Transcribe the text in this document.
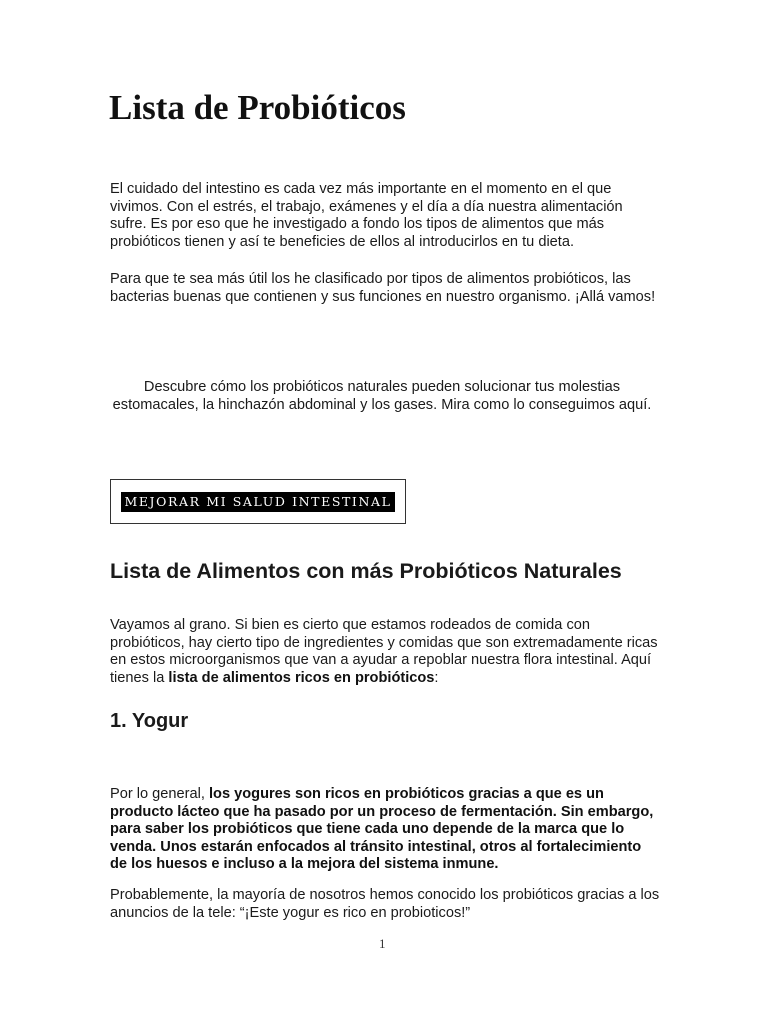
Lista de Probióticos

El cuidado del intestino es cada vez más importante en el momento en el que vivimos. Con el estrés, el trabajo, exámenes y el día a día nuestra alimentación sufre. Es por eso que he investigado a fondo los tipos de alimentos que más probióticos tienen y así te beneficies de ellos al introducirlos en tu dieta.

Para que te sea más útil los he clasificado por tipos de alimentos probióticos, las bacterias buenas que contienen y sus funciones en nuestro organismo. ¡Allá vamos!

Descubre cómo los probióticos naturales pueden solucionar tus molestias estomacales, la hinchazón abdominal y los gases. Mira como lo conseguimos aquí.

MEJORAR MI SALUD INTESTINAL
Lista de Alimentos con más Probióticos Naturales

Vayamos al grano. Si bien es cierto que estamos rodeados de comida con probióticos, hay cierto tipo de ingredientes y comidas que son extremadamente ricas en estos microorganismos que van a ayudar a repoblar nuestra flora intestinal. Aquí tienes la lista de alimentos ricos en probióticos:

1. Yogur

Por lo general, los yogures son ricos en probióticos gracias a que es un producto lácteo que ha pasado por un proceso de fermentación. Sin embargo, para saber los probióticos que tiene cada uno depende de la marca que lo venda. Unos estarán enfocados al tránsito intestinal, otros al fortalecimiento de los huesos e incluso a la mejora del sistema inmune.

Probablemente, la mayoría de nosotros hemos conocido los probióticos gracias a los anuncios de la tele: “¡Este yogur es rico en probioticos!”

1
